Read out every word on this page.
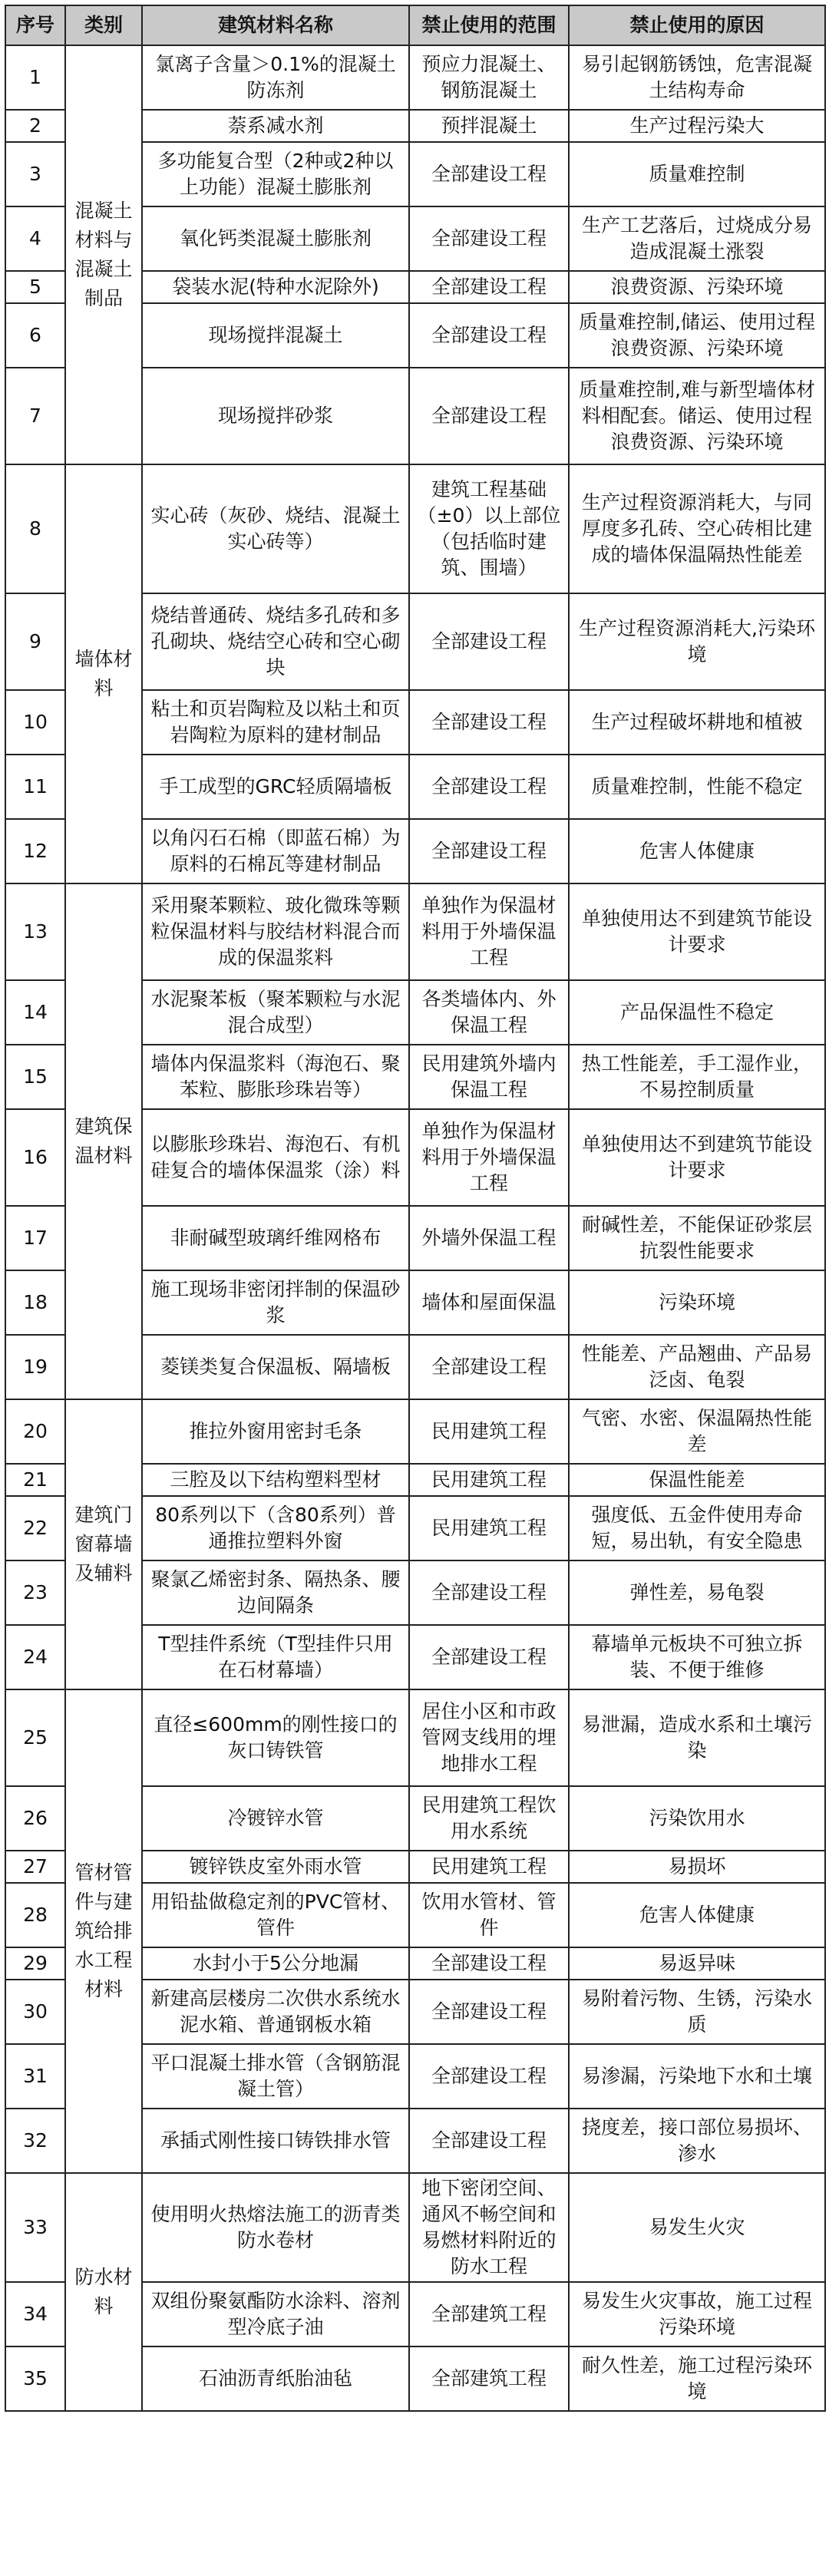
序号	类别	建筑材料名称	禁止使用的范围	禁止使用的原因
1	混凝土材料与混凝土制品	氯离子含量＞0.1%的混凝土防冻剂	预应力混凝土、钢筋混凝土	易引起钢筋锈蚀，危害混凝土结构寿命
2		萘系减水剂	预拌混凝土	生产过程污染大
3		多功能复合型（2种或2种以上功能）混凝土膨胀剂	全部建设工程	质量难控制
4		氧化钙类混凝土膨胀剂	全部建设工程	生产工艺落后，过烧成分易造成混凝土涨裂
5		袋装水泥(特种水泥除外)	全部建设工程	浪费资源、污染环境
6		现场搅拌混凝土	全部建设工程	质量难控制,储运、使用过程浪费资源、污染环境
7		现场搅拌砂浆	全部建设工程	质量难控制,难与新型墙体材料相配套。储运、使用过程浪费资源、污染环境
8	墙体材料	实心砖（灰砂、烧结、混凝土实心砖等）	建筑工程基础（±0）以上部位（包括临时建筑、围墙）	生产过程资源消耗大，与同厚度多孔砖、空心砖相比建成的墙体保温隔热性能差
9		烧结普通砖、烧结多孔砖和多孔砌块、烧结空心砖和空心砌块	全部建设工程	生产过程资源消耗大,污染环境
10		粘土和页岩陶粒及以粘土和页岩陶粒为原料的建材制品	全部建设工程	生产过程破坏耕地和植被
11		手工成型的GRC轻质隔墙板	全部建设工程	质量难控制，性能不稳定
12		以角闪石石棉（即蓝石棉）为原料的石棉瓦等建材制品	全部建设工程	危害人体健康
13	建筑保温材料	采用聚苯颗粒、玻化微珠等颗粒保温材料与胶结材料混合而成的保温浆料	单独作为保温材料用于外墙保温工程	单独使用达不到建筑节能设计要求
14		水泥聚苯板（聚苯颗粒与水泥混合成型）	各类墙体内、外保温工程	产品保温性不稳定
15		墙体内保温浆料（海泡石、聚苯粒、膨胀珍珠岩等）	民用建筑外墙内保温工程	热工性能差，手工湿作业，不易控制质量
16		以膨胀珍珠岩、海泡石、有机硅复合的墙体保温浆（涂）料	单独作为保温材料用于外墙保温工程	单独使用达不到建筑节能设计要求
17		非耐碱型玻璃纤维网格布	外墙外保温工程	耐碱性差，不能保证砂浆层抗裂性能要求
18		施工现场非密闭拌制的保温砂浆	墙体和屋面保温	污染环境
19		菱镁类复合保温板、隔墙板	全部建设工程	性能差、产品翘曲、产品易泛卤、龟裂
20	建筑门窗幕墙及辅料	推拉外窗用密封毛条	民用建筑工程	气密、水密、保温隔热性能差
21		三腔及以下结构塑料型材	民用建筑工程	保温性能差
22		80系列以下（含80系列）普通推拉塑料外窗	民用建筑工程	强度低、五金件使用寿命短，易出轨，有安全隐患
23		聚氯乙烯密封条、隔热条、腰边间隔条	全部建设工程	弹性差，易龟裂
24		T型挂件系统（T型挂件只用在石材幕墙）	全部建设工程	幕墙单元板块不可独立拆装、不便于维修
25	管材管件与建筑给排水工程材料	直径≤600mm的刚性接口的灰口铸铁管	居住小区和市政管网支线用的埋地排水工程	易泄漏，造成水系和土壤污染
26		冷镀锌水管	民用建筑工程饮用水系统	污染饮用水
27		镀锌铁皮室外雨水管	民用建筑工程	易损坏
28		用铅盐做稳定剂的PVC管材、管件	饮用水管材、管件	危害人体健康
29		水封小于5公分地漏	全部建设工程	易返异味
30		新建高层楼房二次供水系统水泥水箱、普通钢板水箱	全部建设工程	易附着污物、生锈，污染水质
31		平口混凝土排水管（含钢筋混凝土管）	全部建设工程	易渗漏，污染地下水和土壤
32		承插式刚性接口铸铁排水管	全部建设工程	挠度差，接口部位易损坏、渗水
33	防水材料	使用明火热熔法施工的沥青类防水卷材	地下密闭空间、通风不畅空间和易燃材料附近的防水工程	易发生火灾
34		双组份聚氨酯防水涂料、溶剂型冷底子油	全部建筑工程	易发生火灾事故，施工过程污染环境
35		石油沥青纸胎油毡	全部建筑工程	耐久性差，施工过程污染环境
